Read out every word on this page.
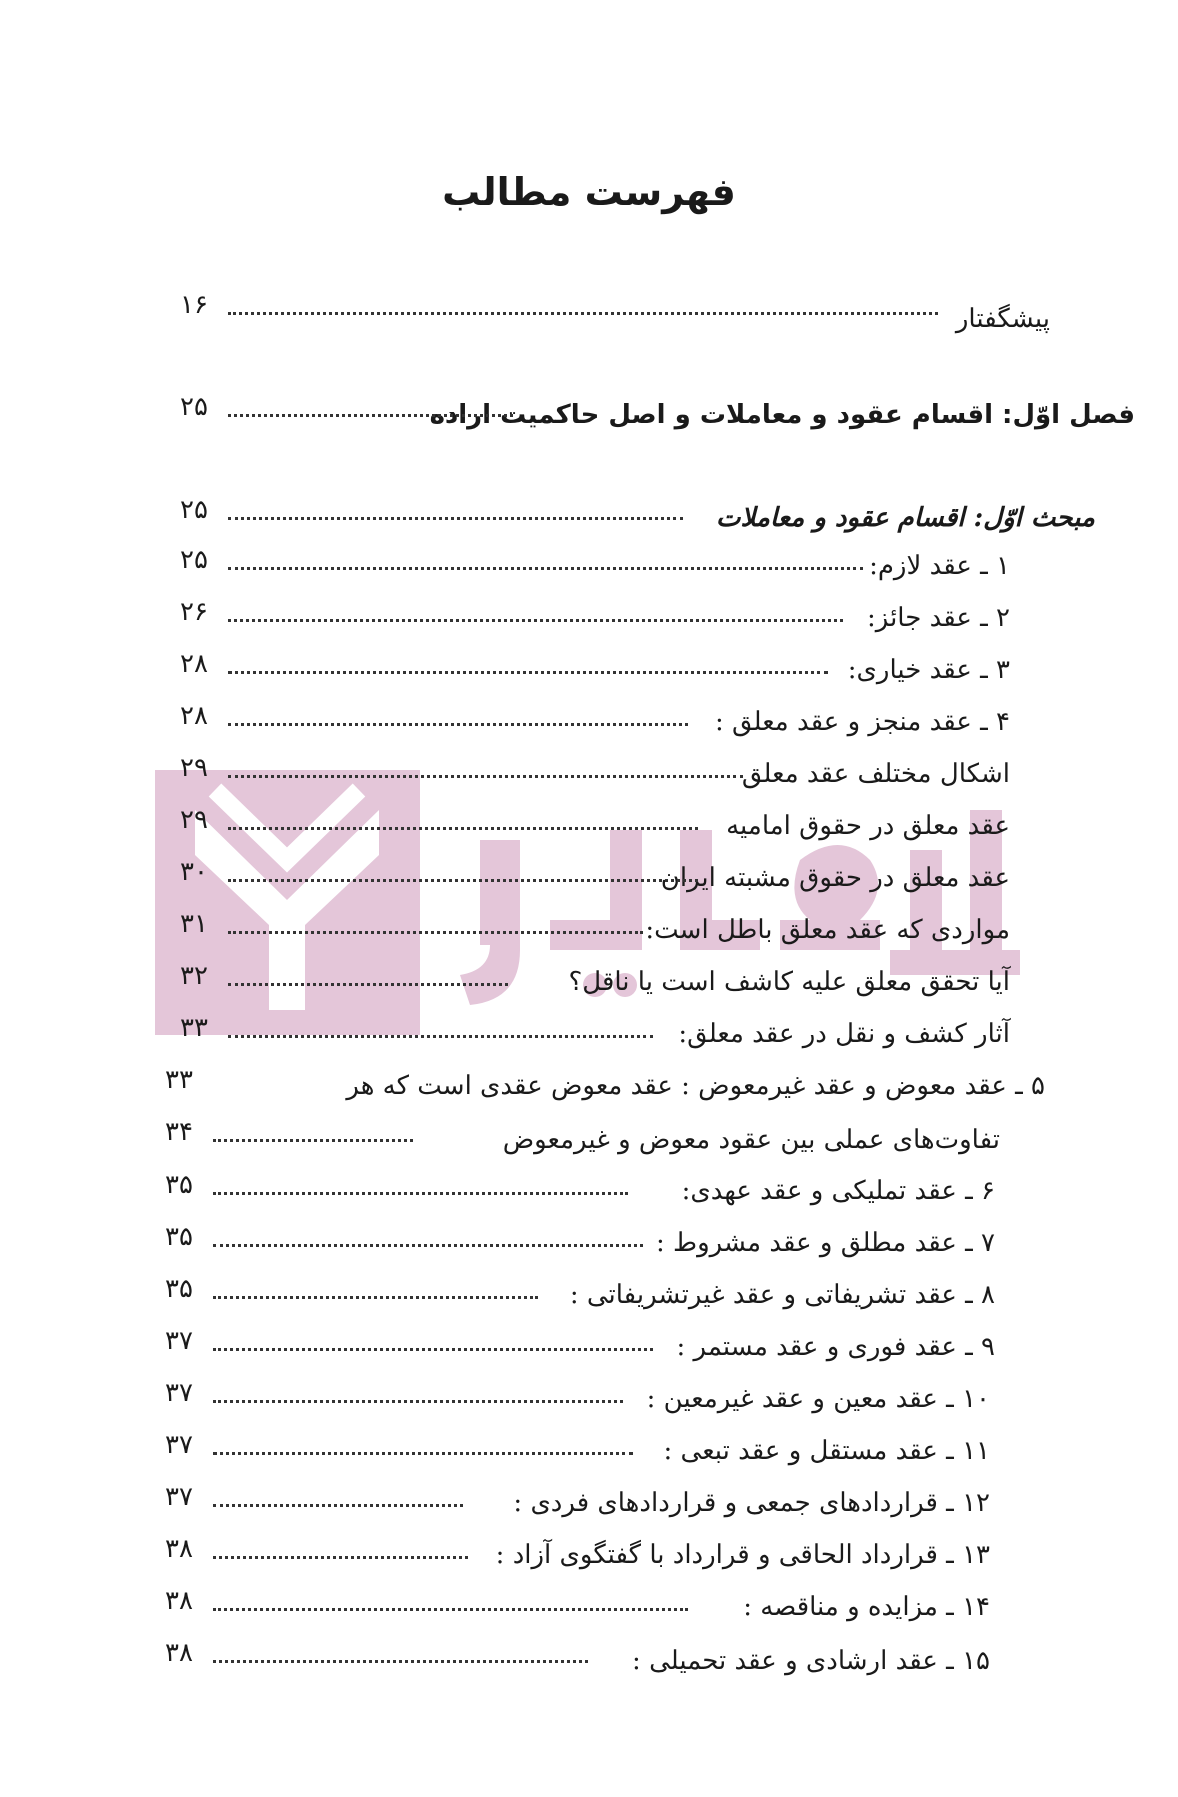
فهرست مطالب
پیشگفتار
۱۶
فصل اوّل: اقسام عقود و معاملات و اصل حاکمیت اراده
۲۵
مبحث اوّل: اقسام عقود و معاملات
۲۵
۱ ـ عقد لازم:
۲۵
۲ ـ عقد جائز:
۲۶
۳ ـ عقد خیاری:
۲۸
۴ ـ عقد منجز و عقد معلق :
۲۸
اشکال مختلف عقد معلق
۲۹
عقد معلق در حقوق امامیه
۲۹
عقد معلق در حقوق مشبته ایران
۳۰
مواردی که عقد معلق باطل است:
۳۱
آیا تحقق معلق علیه کاشف است یا ناقل؟
۳۲
آثار کشف و نقل در عقد معلق:
۳۳
۵ ـ عقد معوض و عقد غیرمعوض : عقد معوض عقدی است که هر
۳۳
تفاوت‌های عملی بین عقود معوض و غیرمعوض
۳۴
۶ ـ عقد تملیکی و عقد عهدی:
۳۵
۷ ـ عقد مطلق و عقد مشروط :
۳۵
۸ ـ عقد تشریفاتی و عقد غیرتشریفاتی :
۳۵
۹ ـ عقد فوری و عقد مستمر :
۳۷
۱۰ ـ عقد معین و عقد غیرمعین :
۳۷
۱۱ ـ عقد مستقل و عقد تبعی :
۳۷
۱۲ ـ قراردادهای جمعی و قراردادهای فردی :
۳۷
۱۳ ـ قرارداد الحاقی و قرارداد با گفتگوی آزاد :
۳۸
۱۴ ـ مزایده و مناقصه :
۳۸
۱۵ ـ عقد ارشادی و عقد تحمیلی :
۳۸
